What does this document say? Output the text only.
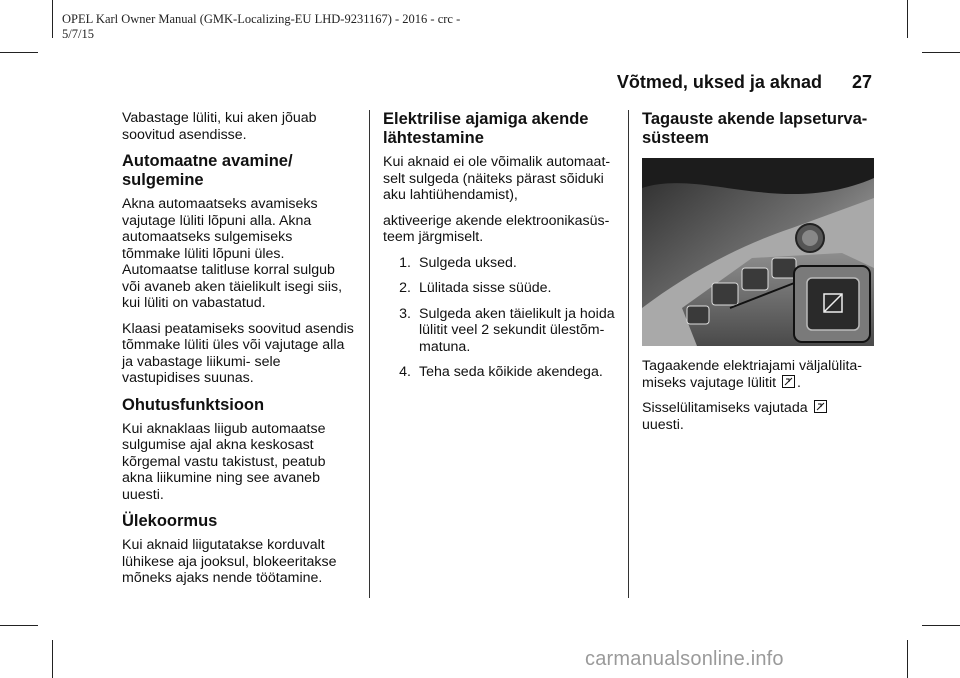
OPEL Karl Owner Manual (GMK-Localizing-EU LHD-9231167) - 2016 - crc -
5/7/15
Võtmed, uksed ja aknad 27

Vabastage lüliti, kui aken jõuab soovitud asendisse.

Automaatne avamine/ sulgemine

Akna automaatseks avamiseks vajutage lüliti lõpuni alla. Akna automaatseks sulgemiseks tõmmake lüliti lõpuni üles. Automaatse talitluse korral sulgub või avaneb aken täielikult isegi siis, kui lüliti on vabastatud.

Klaasi peatamiseks soovitud asendis tõmmake lüliti üles või vajutage alla ja vabastage liikumi‐ sele vastupidises suunas.

Ohutusfunktsioon

Kui aknaklaas liigub automaatse sulgumise ajal akna keskosast kõrgemal vastu takistust, peatub akna liikumine ning see avaneb uuesti.

Ülekoormus

Kui aknaid liigutatakse korduvalt lühikese aja jooksul, blokeeritakse mõneks ajaks nende töötamine.

Elektrilise ajamiga akende lähtestamine

Kui aknaid ei ole võimalik automaat‐ selt sulgeda (näiteks pärast sõiduki aku lahtiühendamist),

aktiveerige akende elektroonikasüs‐ teem järgmiselt.

1. Sulgeda uksed.
2. Lülitada sisse süüde.
3. Sulgeda aken täielikult ja hoida lülitit veel 2 sekundit ülestõm‐ matuna.
4. Teha seda kõikide akendega.
Tagauste akende lapseturva‐ süsteem

Tagaakende elektriajami väljalülita‐ miseks vajutage lülitit .

Sisselülitamiseks vajutada
uuesti.

carmanualsonline.info
